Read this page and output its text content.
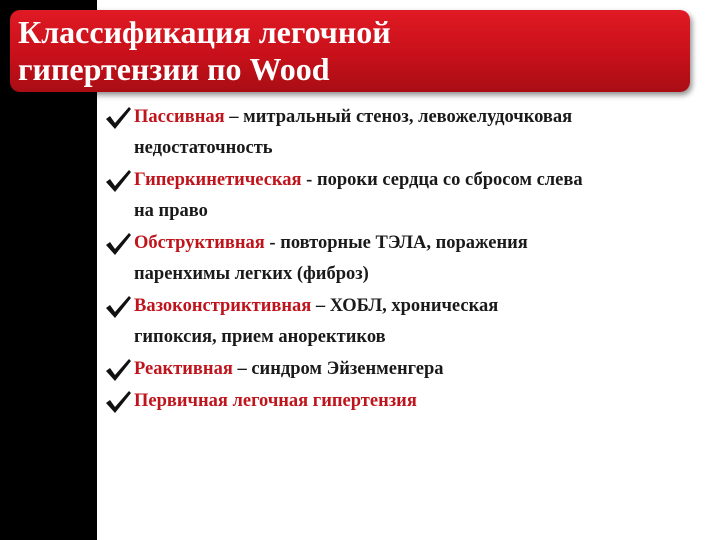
Классификация легочной
гипертензии по Wood
Пассивная – митральный стеноз, левожелудочковая
недостаточность
Гиперкинетическая - пороки сердца со сбросом слева
на право
Обструктивная - повторные ТЭЛА, поражения
паренхимы легких (фиброз)
Вазоконстриктивная – ХОБЛ, хроническая
гипоксия, прием аноректиков
Реактивная – синдром Эйзенменгера
Первичная легочная гипертензия
